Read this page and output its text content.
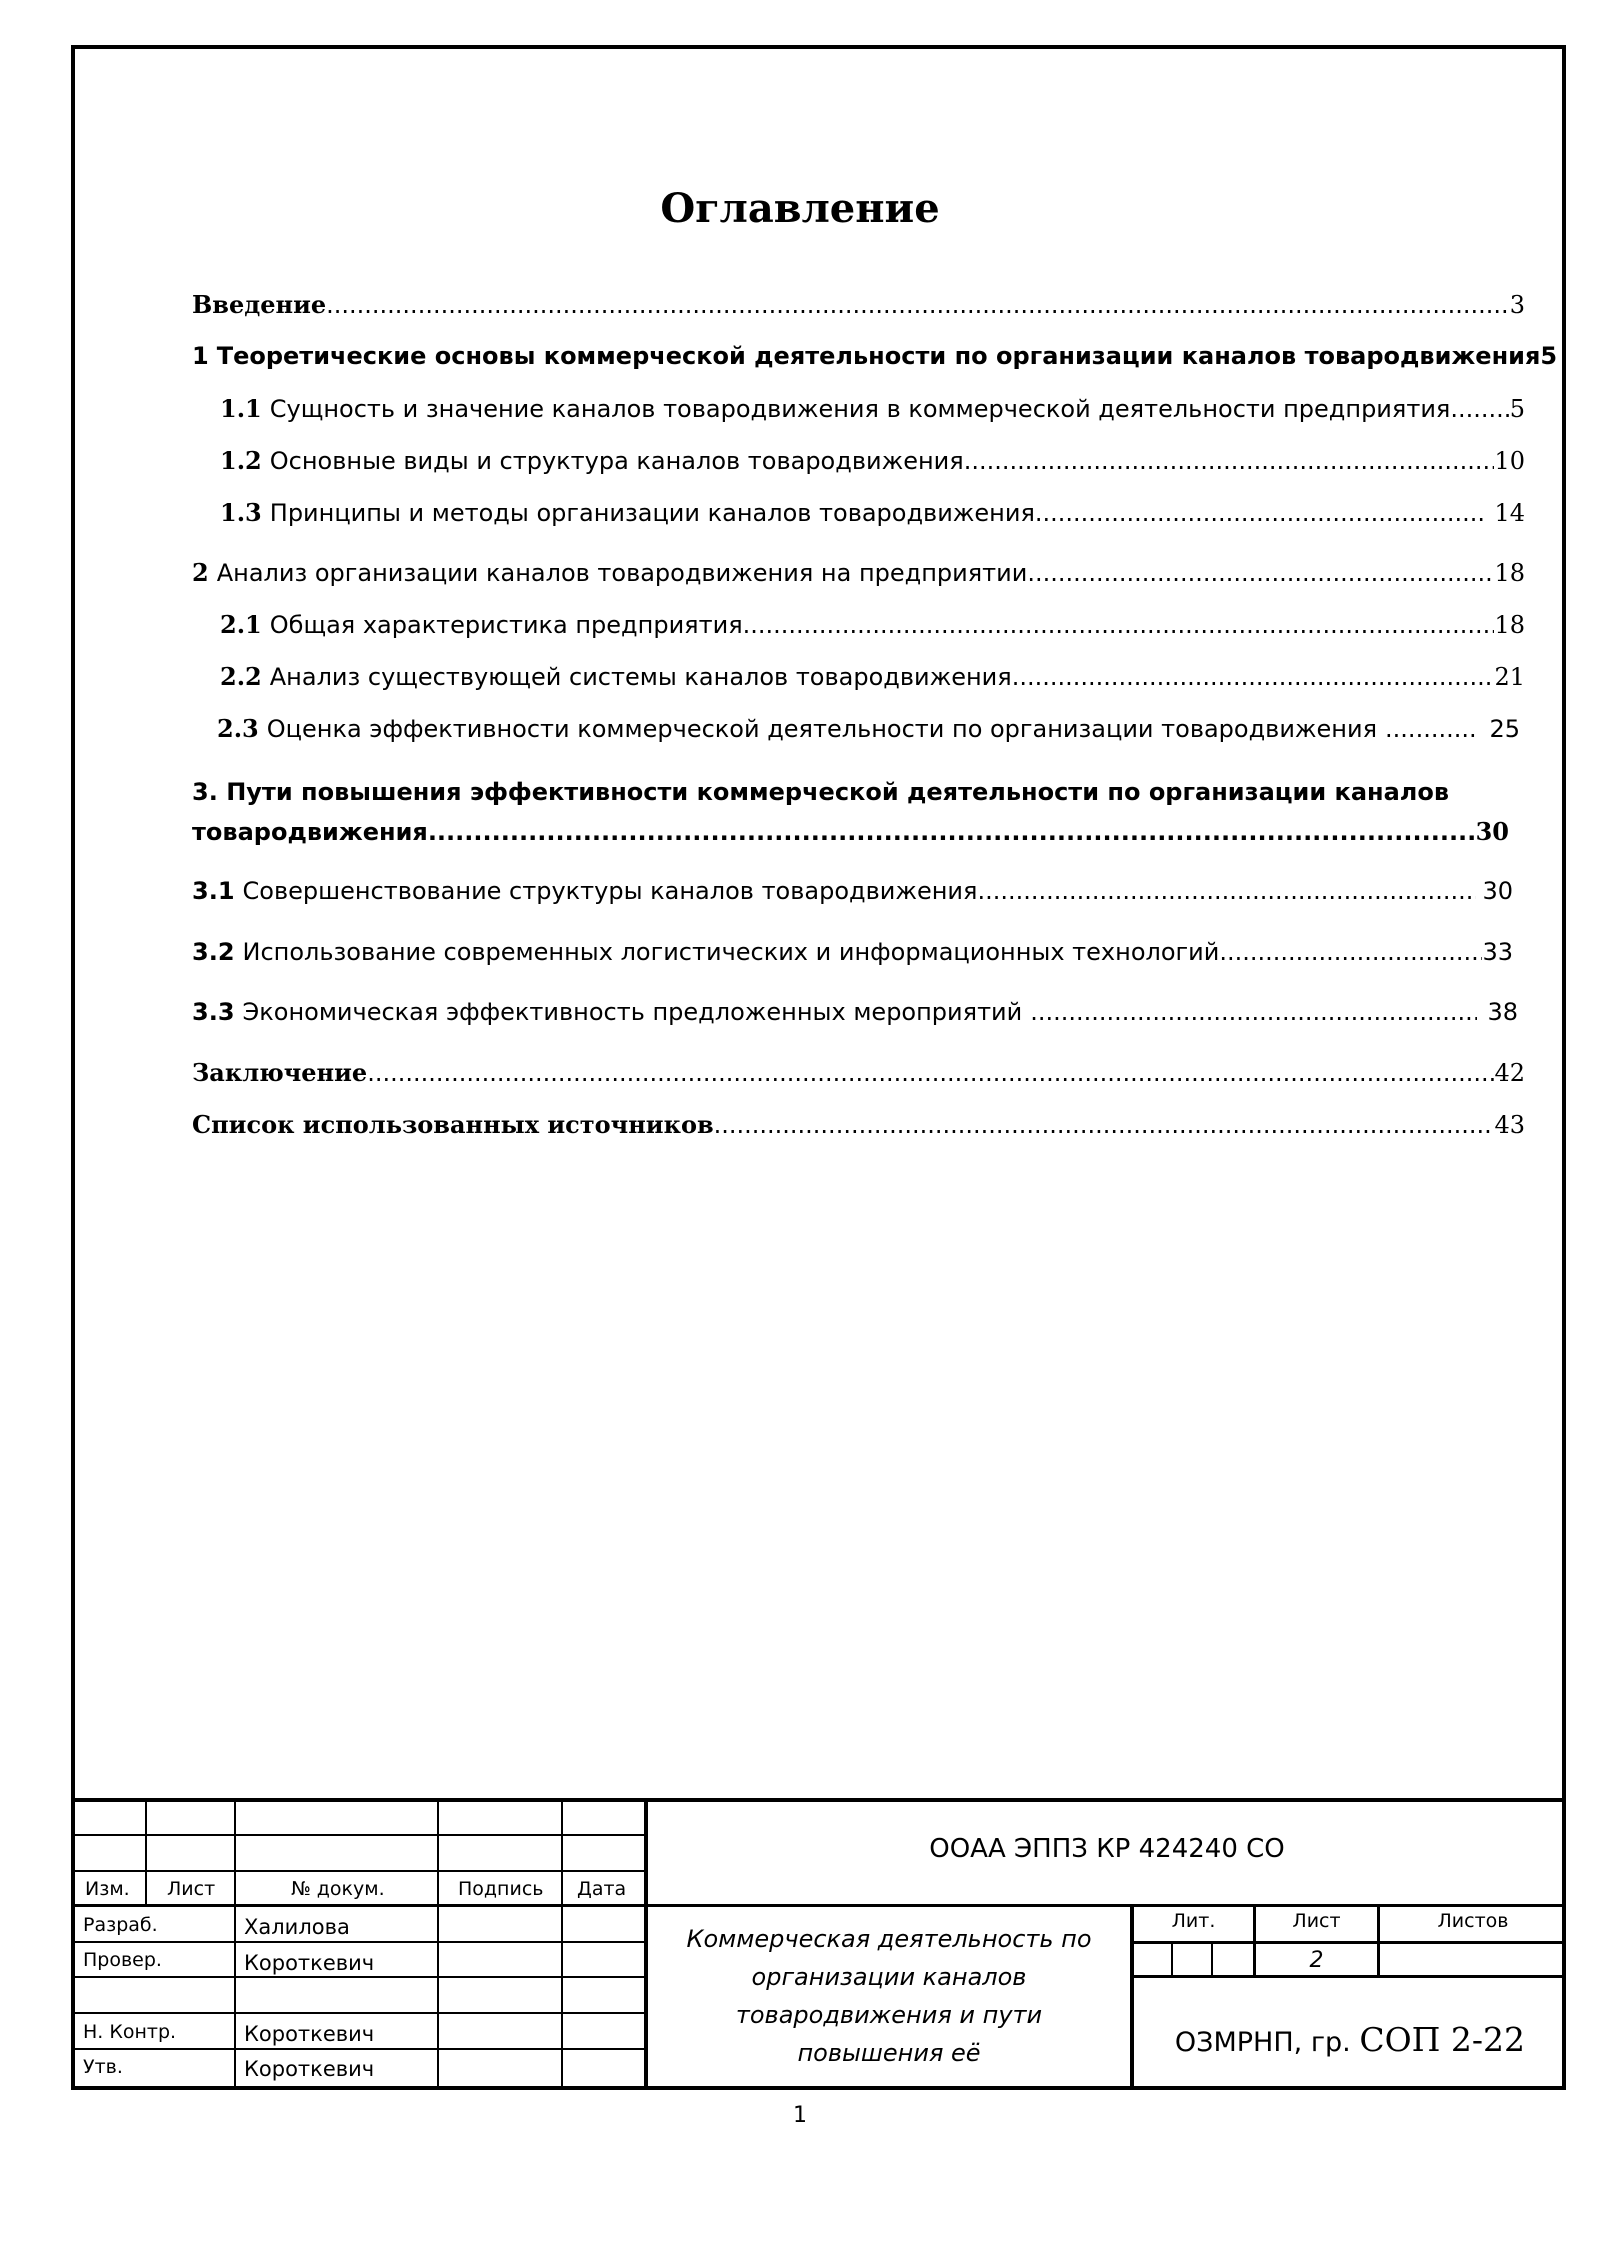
Оглавление
Введение .....	3
1 Теоретические основы коммерческой деятельности по организации каналов товародвижения 5
1.1 Сущность и значение каналов товародвижения в коммерческой деятельности предприятия ..... 5
1.2 Основные виды и структура каналов товародвижения .....	10
1.3 Принципы и методы организации каналов товародвижения .....	14
2 Анализ организации каналов товародвижения на предприятии .....	18
2.1 Общая характеристика предприятия .....	18
2.2 Анализ существующей системы каналов товародвижения .....	21
2.3 Оценка эффективности коммерческой деятельности по организации товародвижения .....	25
3. Пути повышения эффективности коммерческой деятельности по организации каналов
товародвижения .....	30
3.1 Совершенствование структуры каналов товародвижения .....	30
3.2 Использование современных логистических и информационных технологий .....	33
3.3 Экономическая эффективность предложенных мероприятий .....	38
Заключение .....	42
Список использованных источников .....	43
Изм. Лист	№ докум.	Подпись Дата
ООАА ЭППЗ КР 424240 СО
Разраб.	Халилова
Провер.	Короткевич
Н. Контр.	Короткевич
Утв.	Короткевич
Коммерческая деятельность по
организации каналов
товародвижения и пути
повышения её
Лит.	Лист	Листов
2
ОЗМРНП, гр. СОП 2-22
1
